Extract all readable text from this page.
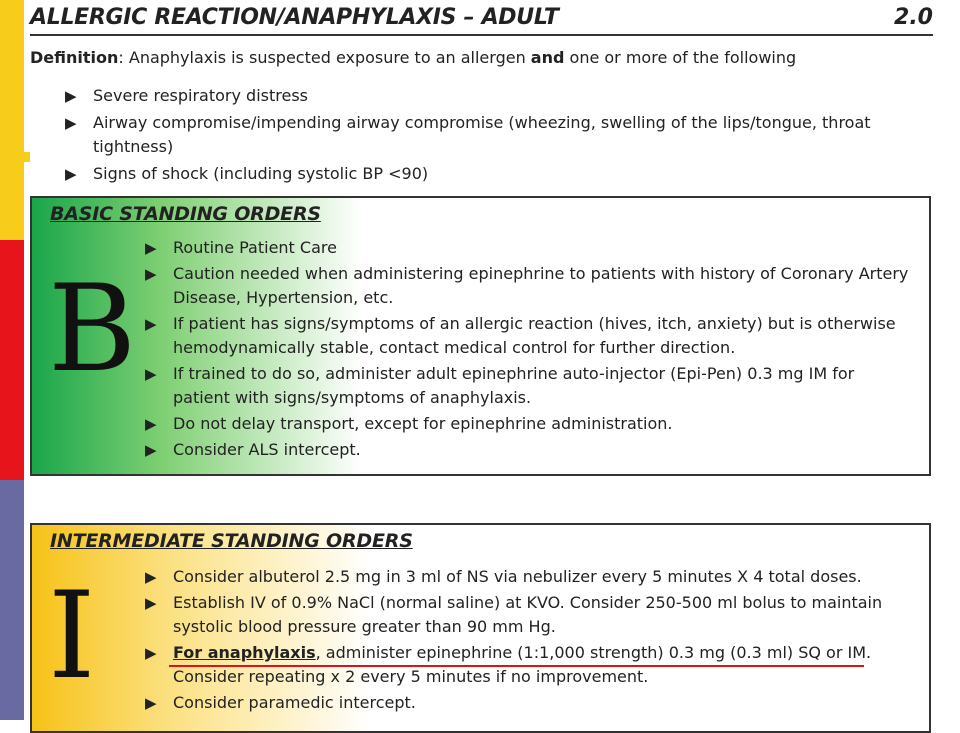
ALLERGIC REACTION/ANAPHYLAXIS – ADULT	2.0
Definition: Anaphylaxis is suspected exposure to an allergen and one or more of the following
▶ Severe respiratory distress
▶ Airway compromise/impending airway compromise (wheezing, swelling of the lips/tongue, throat tightness)
▶ Signs of shock (including systolic BP <90)
BASIC STANDING ORDERS
B
▶ Routine Patient Care
▶ Caution needed when administering epinephrine to patients with history of Coronary Artery Disease, Hypertension, etc.
▶ If patient has signs/symptoms of an allergic reaction (hives, itch, anxiety) but is otherwise hemodynamically stable, contact medical control for further direction.
▶ If trained to do so, administer adult epinephrine auto-injector (Epi-Pen) 0.3 mg IM for patient with signs/symptoms of anaphylaxis.
▶ Do not delay transport, except for epinephrine administration.
▶ Consider ALS intercept.
INTERMEDIATE STANDING ORDERS
I	▶ Consider albuterol 2.5 mg in 3 ml of NS via nebulizer every 5 minutes X 4 total doses.
▶ Establish IV of 0.9% NaCl (normal saline) at KVO. Consider 250-500 ml bolus to maintain systolic blood pressure greater than 90 mm Hg.
▶ For anaphylaxis, administer epinephrine (1:1,000 strength) 0.3 mg (0.3 ml) SQ or IM.
Consider repeating x 2 every 5 minutes if no improvement.
▶ Consider paramedic intercept.
